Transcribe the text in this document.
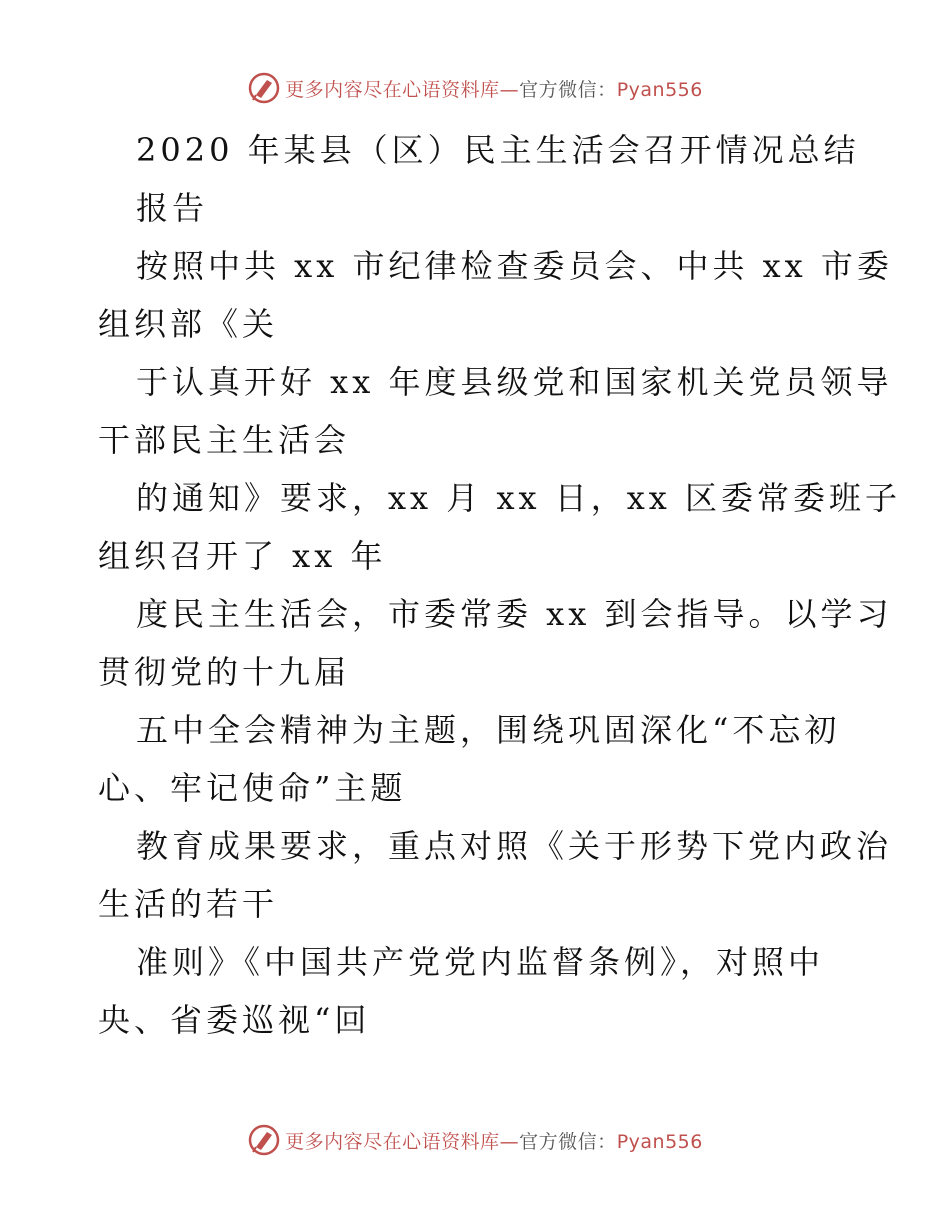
更多内容尽在心语资料库—官方微信：Pyan556
2020 年某县（区）民主生活会召开情况总结
报告
按照中共 xx 市纪律检查委员会、中共 xx 市委
组织部《关
于认真开好 xx 年度县级党和国家机关党员领导
干部民主生活会
的通知》要求，xx 月 xx 日，xx 区委常委班子
组织召开了 xx 年
度民主生活会，市委常委 xx 到会指导。以学习
贯彻党的十九届
五中全会精神为主题，围绕巩固深化“不忘初
心、牢记使命”主题
教育成果要求，重点对照《关于形势下党内政治
生活的若干
准则》《中国共产党党内监督条例》，对照中
央、省委巡视“回
更多内容尽在心语资料库—官方微信：Pyan556
